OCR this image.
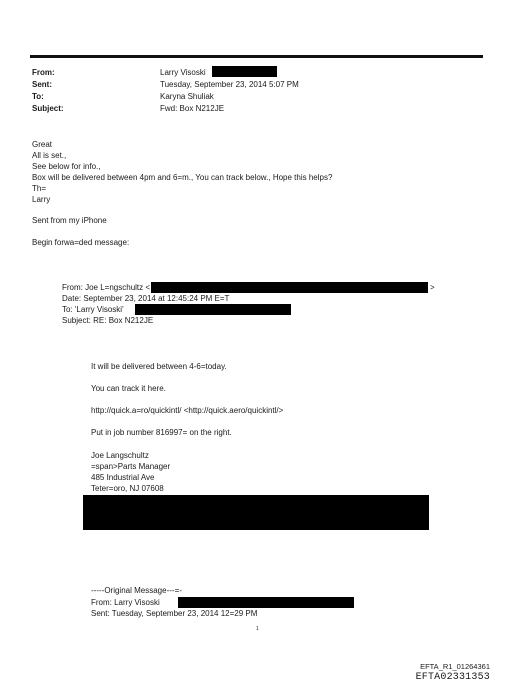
From:	Larry Visoski
Sent:	Tuesday, September 23, 2014 5:07 PM
To:	Karyna Shuliak
Subject:	Fwd: Box N212JE
Great
All is set.,
See below for info.,
Box will be delivered between 4pm and 6=m., You can track below., Hope this helps?
Th=
Larry
Sent from my iPhone
Begin forwa=ded message:
From: Joe L=ngschultz <	>
Date: September 23, 2014 at 12:45:24 PM E=T
To: 'Larry Visoski'
Subject: RE: Box N212JE
It will be delivered between 4-6=today.
You can track it here.
http://quick.a=ro/quickintl/ <http://quick.aero/quickintl/>
Put in job number 816997= on the right.
Joe Langschultz
=span>Parts Manager
485 Industrial Ave
Teter=oro, NJ 07608
-----Original Message---=-
From: Larry Visoski
Sent: Tuesday, September 23, 2014 12=29 PM
1
EFTA_R1_01264361
EFTA02331353
